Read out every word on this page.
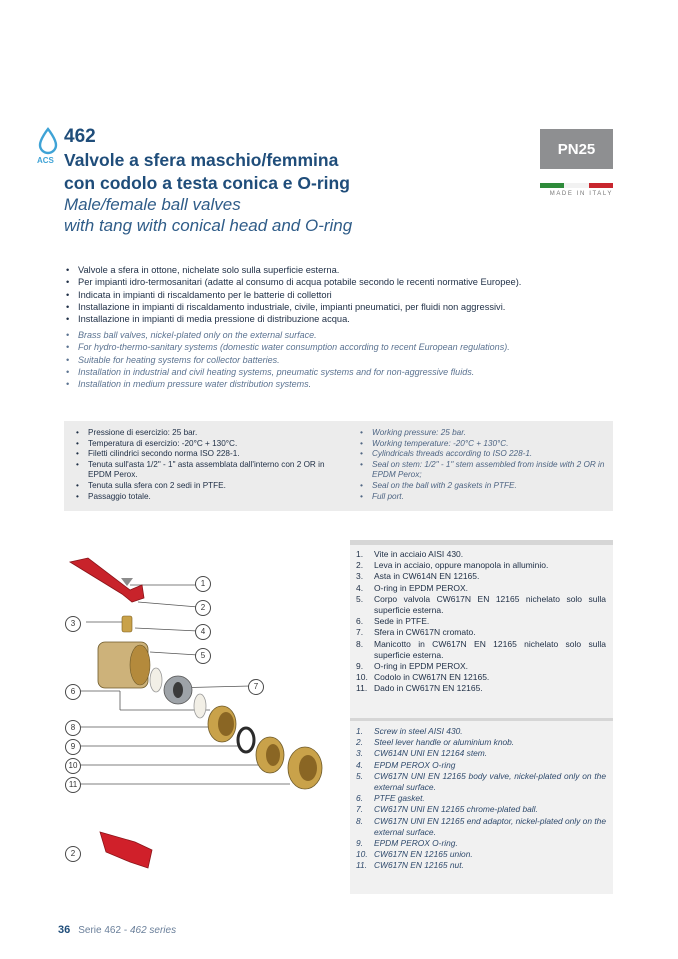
ACS
462
Valvole a sfera maschio/femmina
con codolo a testa conica e O-ring
Male/female ball valves
with tang with conical head and O-ring
PN25
MADE IN ITALY
• Valvole a sfera in ottone, nichelate solo sulla superficie esterna.
• Per impianti idro-termosanitari (adatte al consumo di acqua potabile secondo le recenti normative Europee).
• Indicata in impianti di riscaldamento per le batterie di collettori
• Installazione in impianti di riscaldamento industriale, civile, impianti pneumatici, per fluidi non aggressivi.
• Installazione in impianti di media pressione di distribuzione acqua.
• Brass ball valves, nickel-plated only on the external surface.
• For hydro-thermo-sanitary systems (domestic water consumption according to recent European regulations).
• Suitable for heating systems for collector batteries.
• Installation in industrial and civil heating systems, pneumatic systems and for non-aggressive fluids.
• Installation in medium pressure water distribution systems.
• Pressione di esercizio: 25 bar.
• Temperatura di esercizio: -20°C + 130°C.
• Filetti cilindrici secondo norma ISO 228-1.
• Tenuta sull'asta 1/2" - 1" asta assemblata dall'interno con 2 OR in EPDM Perox.
• Tenuta sulla sfera con 2 sedi in PTFE.
• Passaggio totale.
• Working pressure: 25 bar.
• Working temperature: -20°C + 130°C.
• Cylindricals threads according to ISO 228-1.
• Seal on stem: 1/2" - 1" stem assembled from inside with 2 OR in EPDM Perox;
• Seal on the ball with 2 gaskets in PTFE.
• Full port.
1
2
3
4
5
6
7
8
9
10
11
2
1. Vite in acciaio AISI 430.
2. Leva in acciaio, oppure manopola in alluminio.
3. Asta in CW614N EN 12165.
4. O-ring in EPDM PEROX.
5. Corpo valvola CW617N EN 12165 nichelato solo sulla superficie esterna.
6. Sede in PTFE.
7. Sfera in CW617N cromato.
8. Manicotto in CW617N EN 12165 nichelato solo sulla superficie esterna.
9. O-ring in EPDM PEROX.
10. Codolo in CW617N EN 12165.
11. Dado in CW617N EN 12165.
1. Screw in steel AISI 430.
2. Steel lever handle or aluminium knob.
3. CW614N UNI EN 12164 stem.
4. EPDM PEROX O-ring
5. CW617N UNI EN 12165 body valve, nickel-plated only on the external surface.
6. PTFE gasket.
7. CW617N UNI EN 12165 chrome-plated ball.
8. CW617N UNI EN 12165 end adaptor, nickel-plated only on the external surface.
9. EPDM PEROX O-ring.
10. CW617N EN 12165 union.
11. CW617N EN 12165 nut.
36 Serie 462 - 462 series
